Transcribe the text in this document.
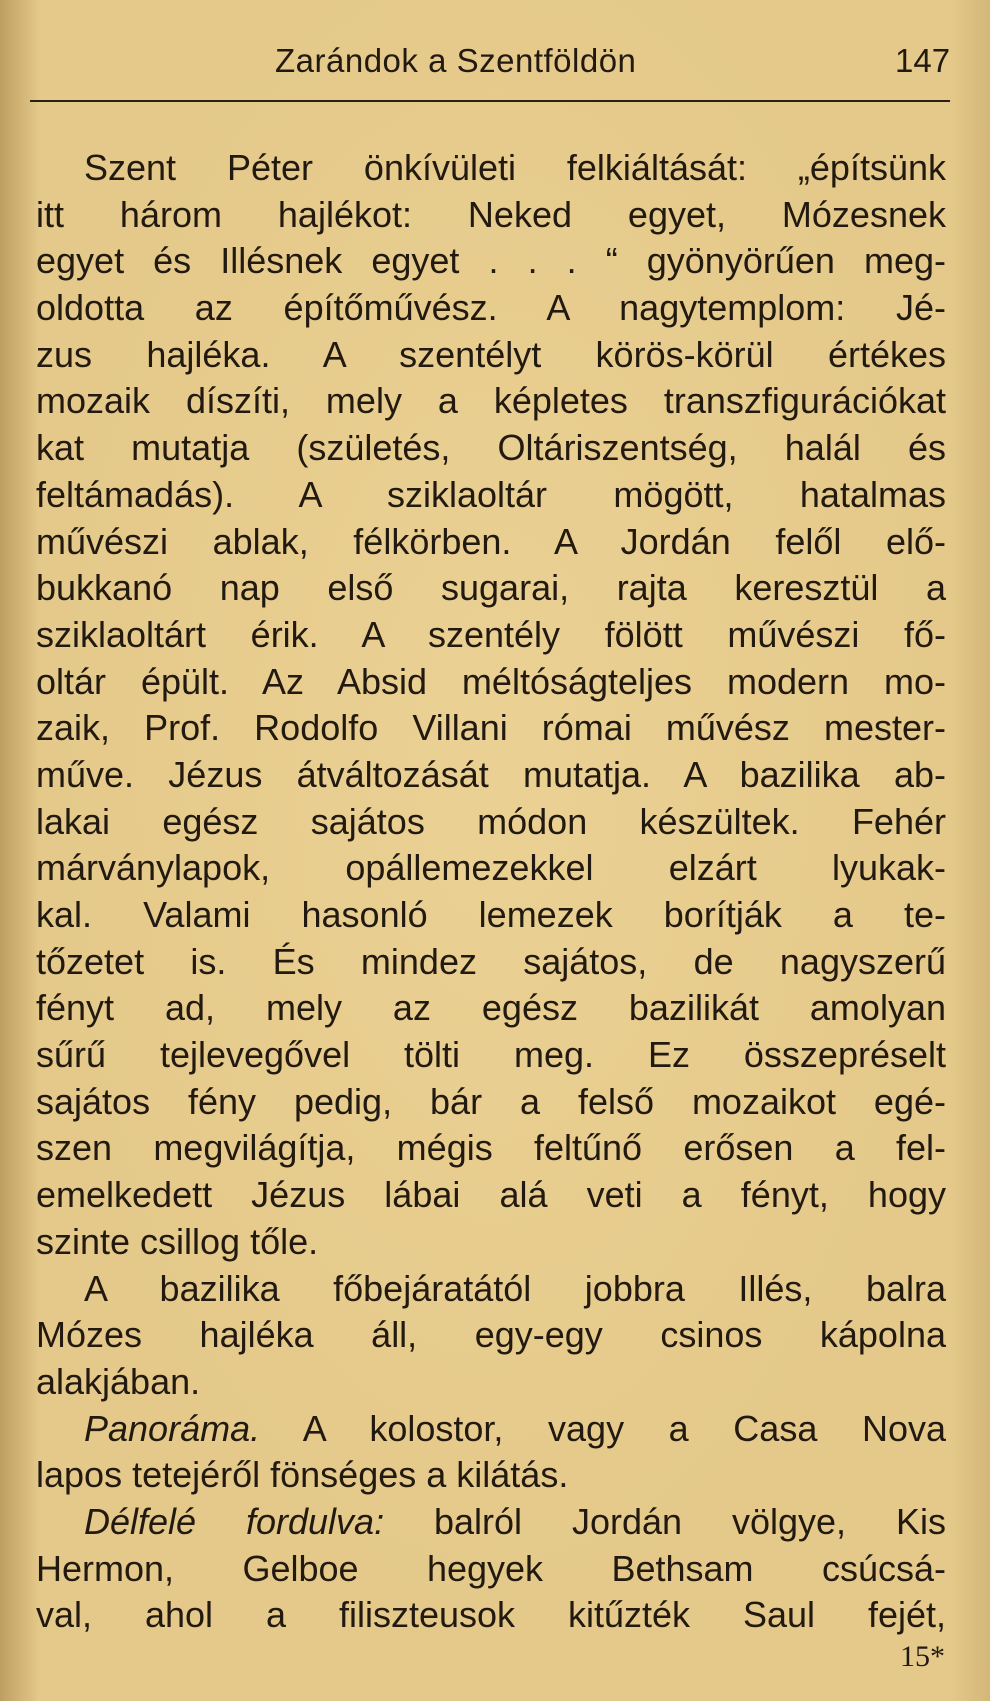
Zarándok a Szentföldön	147
Szent Péter önkívületi felkiáltását: „építsünk
itt három hajlékot: Neked egyet, Mózesnek
egyet és Illésnek egyet . . . “ gyönyörűen meg-
oldotta az építőművész. A nagytemplom: Jé-
zus hajléka. A szentélyt körös-körül értékes
mozaik díszíti, mely a képletes transzfigurációkat
kat mutatja (születés, Oltáriszentség, halál és
feltámadás). A sziklaoltár mögött, hatalmas
művészi ablak, félkörben. A Jordán felől elő-
bukkanó nap első sugarai, rajta keresztül a
sziklaoltárt érik. A szentély fölött művészi fő-
oltár épült. Az Absid méltóságteljes modern mo-
zaik, Prof. Rodolfo Villani római művész mester-
műve. Jézus átváltozását mutatja. A bazilika ab-
lakai egész sajátos módon készültek. Fehér
márványlapok, opállemezekkel elzárt lyukak-
kal. Valami hasonló lemezek borítják a te-
tőzetet is. És mindez sajátos, de nagyszerű
fényt ad, mely az egész bazilikát amolyan
sűrű tejlevegővel tölti meg. Ez összepréselt
sajátos fény pedig, bár a felső mozaikot egé-
szen megvilágítja, mégis feltűnő erősen a fel-
emelkedett Jézus lábai alá veti a fényt, hogy
szinte csillog tőle.
A bazilika főbejáratától jobbra Illés, balra
Mózes hajléka áll, egy-egy csinos kápolna
alakjában.
Panoráma. A kolostor, vagy a Casa Nova
lapos tetejéről fönséges a kilátás.
Délfelé fordulva: balról Jordán völgye, Kis
Hermon, Gelboe hegyek Bethsam csúcsá-
val, ahol a filiszteusok kitűzték Saul fejét,
15*
